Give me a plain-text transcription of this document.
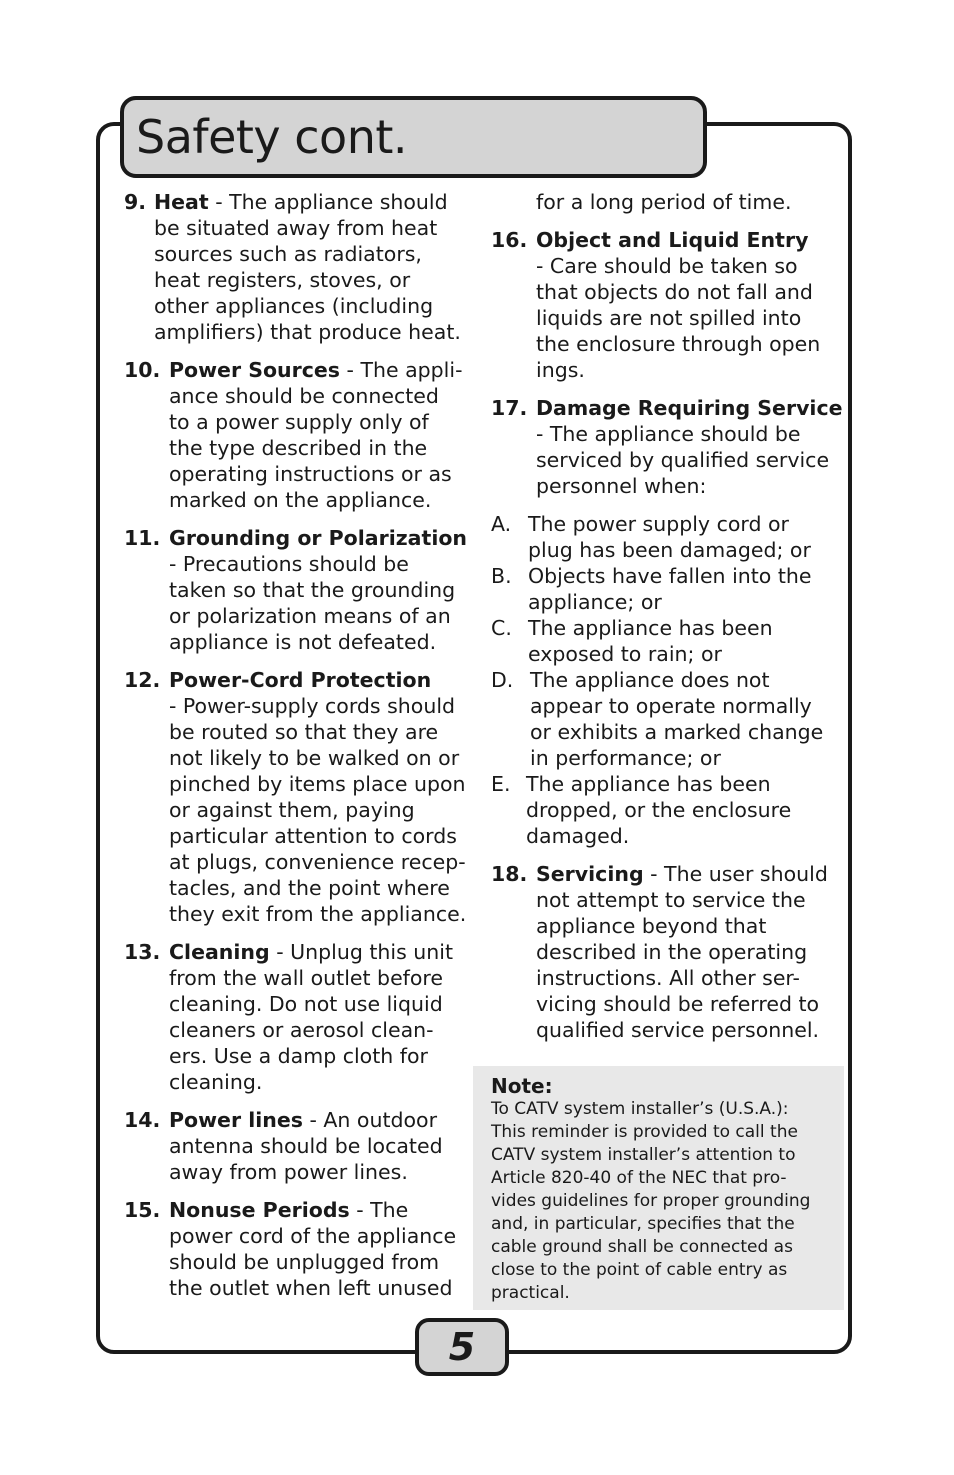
Safety cont.
9. Heat - The appliance should
be situated away from heat
sources such as radiators,
heat registers, stoves, or
other appliances (including
amplifiers) that produce heat.
10. Power Sources - The appli-
ance should be connected
to a power supply only of
the type described in the
operating instructions or as
marked on the appliance.
11. Grounding or Polarization
- Precautions should be
taken so that the grounding
or polarization means of an
appliance is not defeated.
12. Power-Cord Protection
- Power-supply cords should
be routed so that they are
not likely to be walked on or
pinched by items place upon
or against them, paying
particular attention to cords
at plugs, convenience recep-
tacles, and the point where
they exit from the appliance.
13. Cleaning - Unplug this unit
from the wall outlet before
cleaning. Do not use liquid
cleaners or aerosol clean-
ers. Use a damp cloth for
cleaning.
14. Power lines - An outdoor
antenna should be located
away from power lines.
15. Nonuse Periods - The
power cord of the appliance
should be unplugged from
the outlet when left unused
for a long period of time.
16. Object and Liquid Entry
- Care should be taken so
that objects do not fall and
liquids are not spilled into
the enclosure through open
ings.
17. Damage Requiring Service
- The appliance should be
serviced by qualified service
personnel when:
A. The power supply cord or
plug has been damaged; or
B. Objects have fallen into the
appliance; or
C. The appliance has been
exposed to rain; or
D. The appliance does not
appear to operate normally
or exhibits a marked change
in performance; or
E. The appliance has been
dropped, or the enclosure
damaged.
18. Servicing - The user should
not attempt to service the
appliance beyond that
described in the operating
instructions. All other ser-
vicing should be referred to
qualified service personnel.
Note:
To CATV system installer’s (U.S.A.):
This reminder is provided to call the
CATV system installer’s attention to
Article 820-40 of the NEC that pro-
vides guidelines for proper grounding
and, in particular, specifies that the
cable ground shall be connected as
close to the point of cable entry as
practical.
5
